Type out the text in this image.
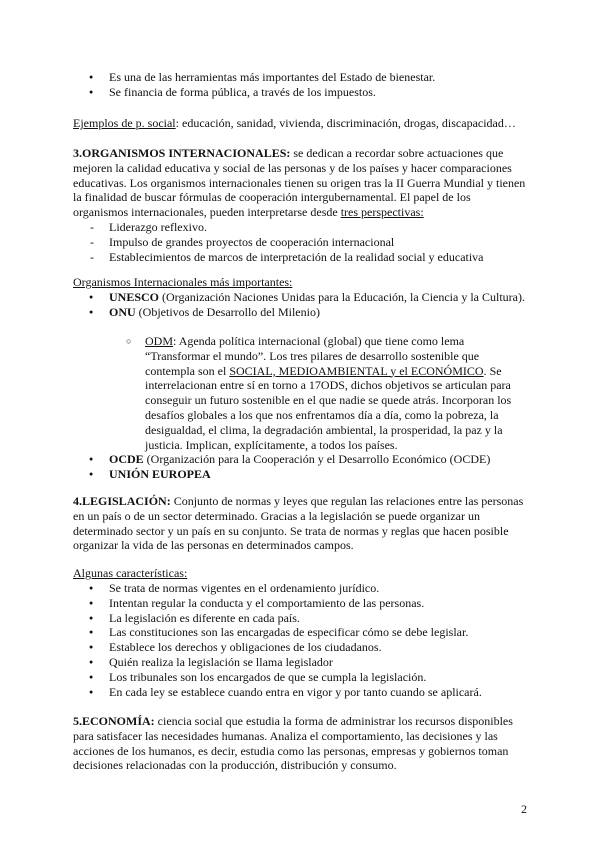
● Es una de las herramientas más importantes del Estado de bienestar.
● Se financia de forma pública, a través de los impuestos.
Ejemplos de p. social: educación, sanidad, vivienda, discriminación, drogas, discapacidad…
3.ORGANISMOS INTERNACIONALES: se dedican a recordar sobre actuaciones que mejoren la calidad educativa y social de las personas y de los países y hacer comparaciones educativas. Los organismos internacionales tienen su origen tras la II Guerra Mundial y tienen la finalidad de buscar fórmulas de cooperación intergubernamental. El papel de los organismos internacionales, pueden interpretarse desde tres perspectivas:
- Liderazgo reflexivo.
- Impulso de grandes proyectos de cooperación internacional
- Establecimientos de marcos de interpretación de la realidad social y educativa
Organismos Internacionales más importantes:
● UNESCO (Organización Naciones Unidas para la Educación, la Ciencia y la Cultura).
● ONU (Objetivos de Desarrollo del Milenio)
○ ODM: Agenda política internacional (global) que tiene como lema “Transformar el mundo”. Los tres pilares de desarrollo sostenible que contempla son el SOCIAL, MEDIOAMBIENTAL y el ECONÓMICO. Se interrelacionan entre sí en torno a 17ODS, dichos objetivos se articulan para conseguir un futuro sostenible en el que nadie se quede atrás. Incorporan los desafíos globales a los que nos enfrentamos día a día, como la pobreza, la desigualdad, el clima, la degradación ambiental, la prosperidad, la paz y la justicia. Implican, explícitamente, a todos los países.
● OCDE (Organización para la Cooperación y el Desarrollo Económico (OCDE)
● UNIÓN EUROPEA
4.LEGISLACIÓN: Conjunto de normas y leyes que regulan las relaciones entre las personas en un país o de un sector determinado. Gracias a la legislación se puede organizar un determinado sector y un país en su conjunto. Se trata de normas y reglas que hacen posible organizar la vida de las personas en determinados campos.
Algunas características:
● Se trata de normas vigentes en el ordenamiento jurídico.
● Intentan regular la conducta y el comportamiento de las personas.
● La legislación es diferente en cada país.
● Las constituciones son las encargadas de especificar cómo se debe legislar.
● Establece los derechos y obligaciones de los ciudadanos.
● Quién realiza la legislación se llama legislador
● Los tribunales son los encargados de que se cumpla la legislación.
● En cada ley se establece cuando entra en vigor y por tanto cuando se aplicará.
5.ECONOMÍA: ciencia social que estudia la forma de administrar los recursos disponibles para satisfacer las necesidades humanas. Analiza el comportamiento, las decisiones y las acciones de los humanos, es decir, estudia como las personas, empresas y gobiernos toman decisiones relacionadas con la producción, distribución y consumo.
2
